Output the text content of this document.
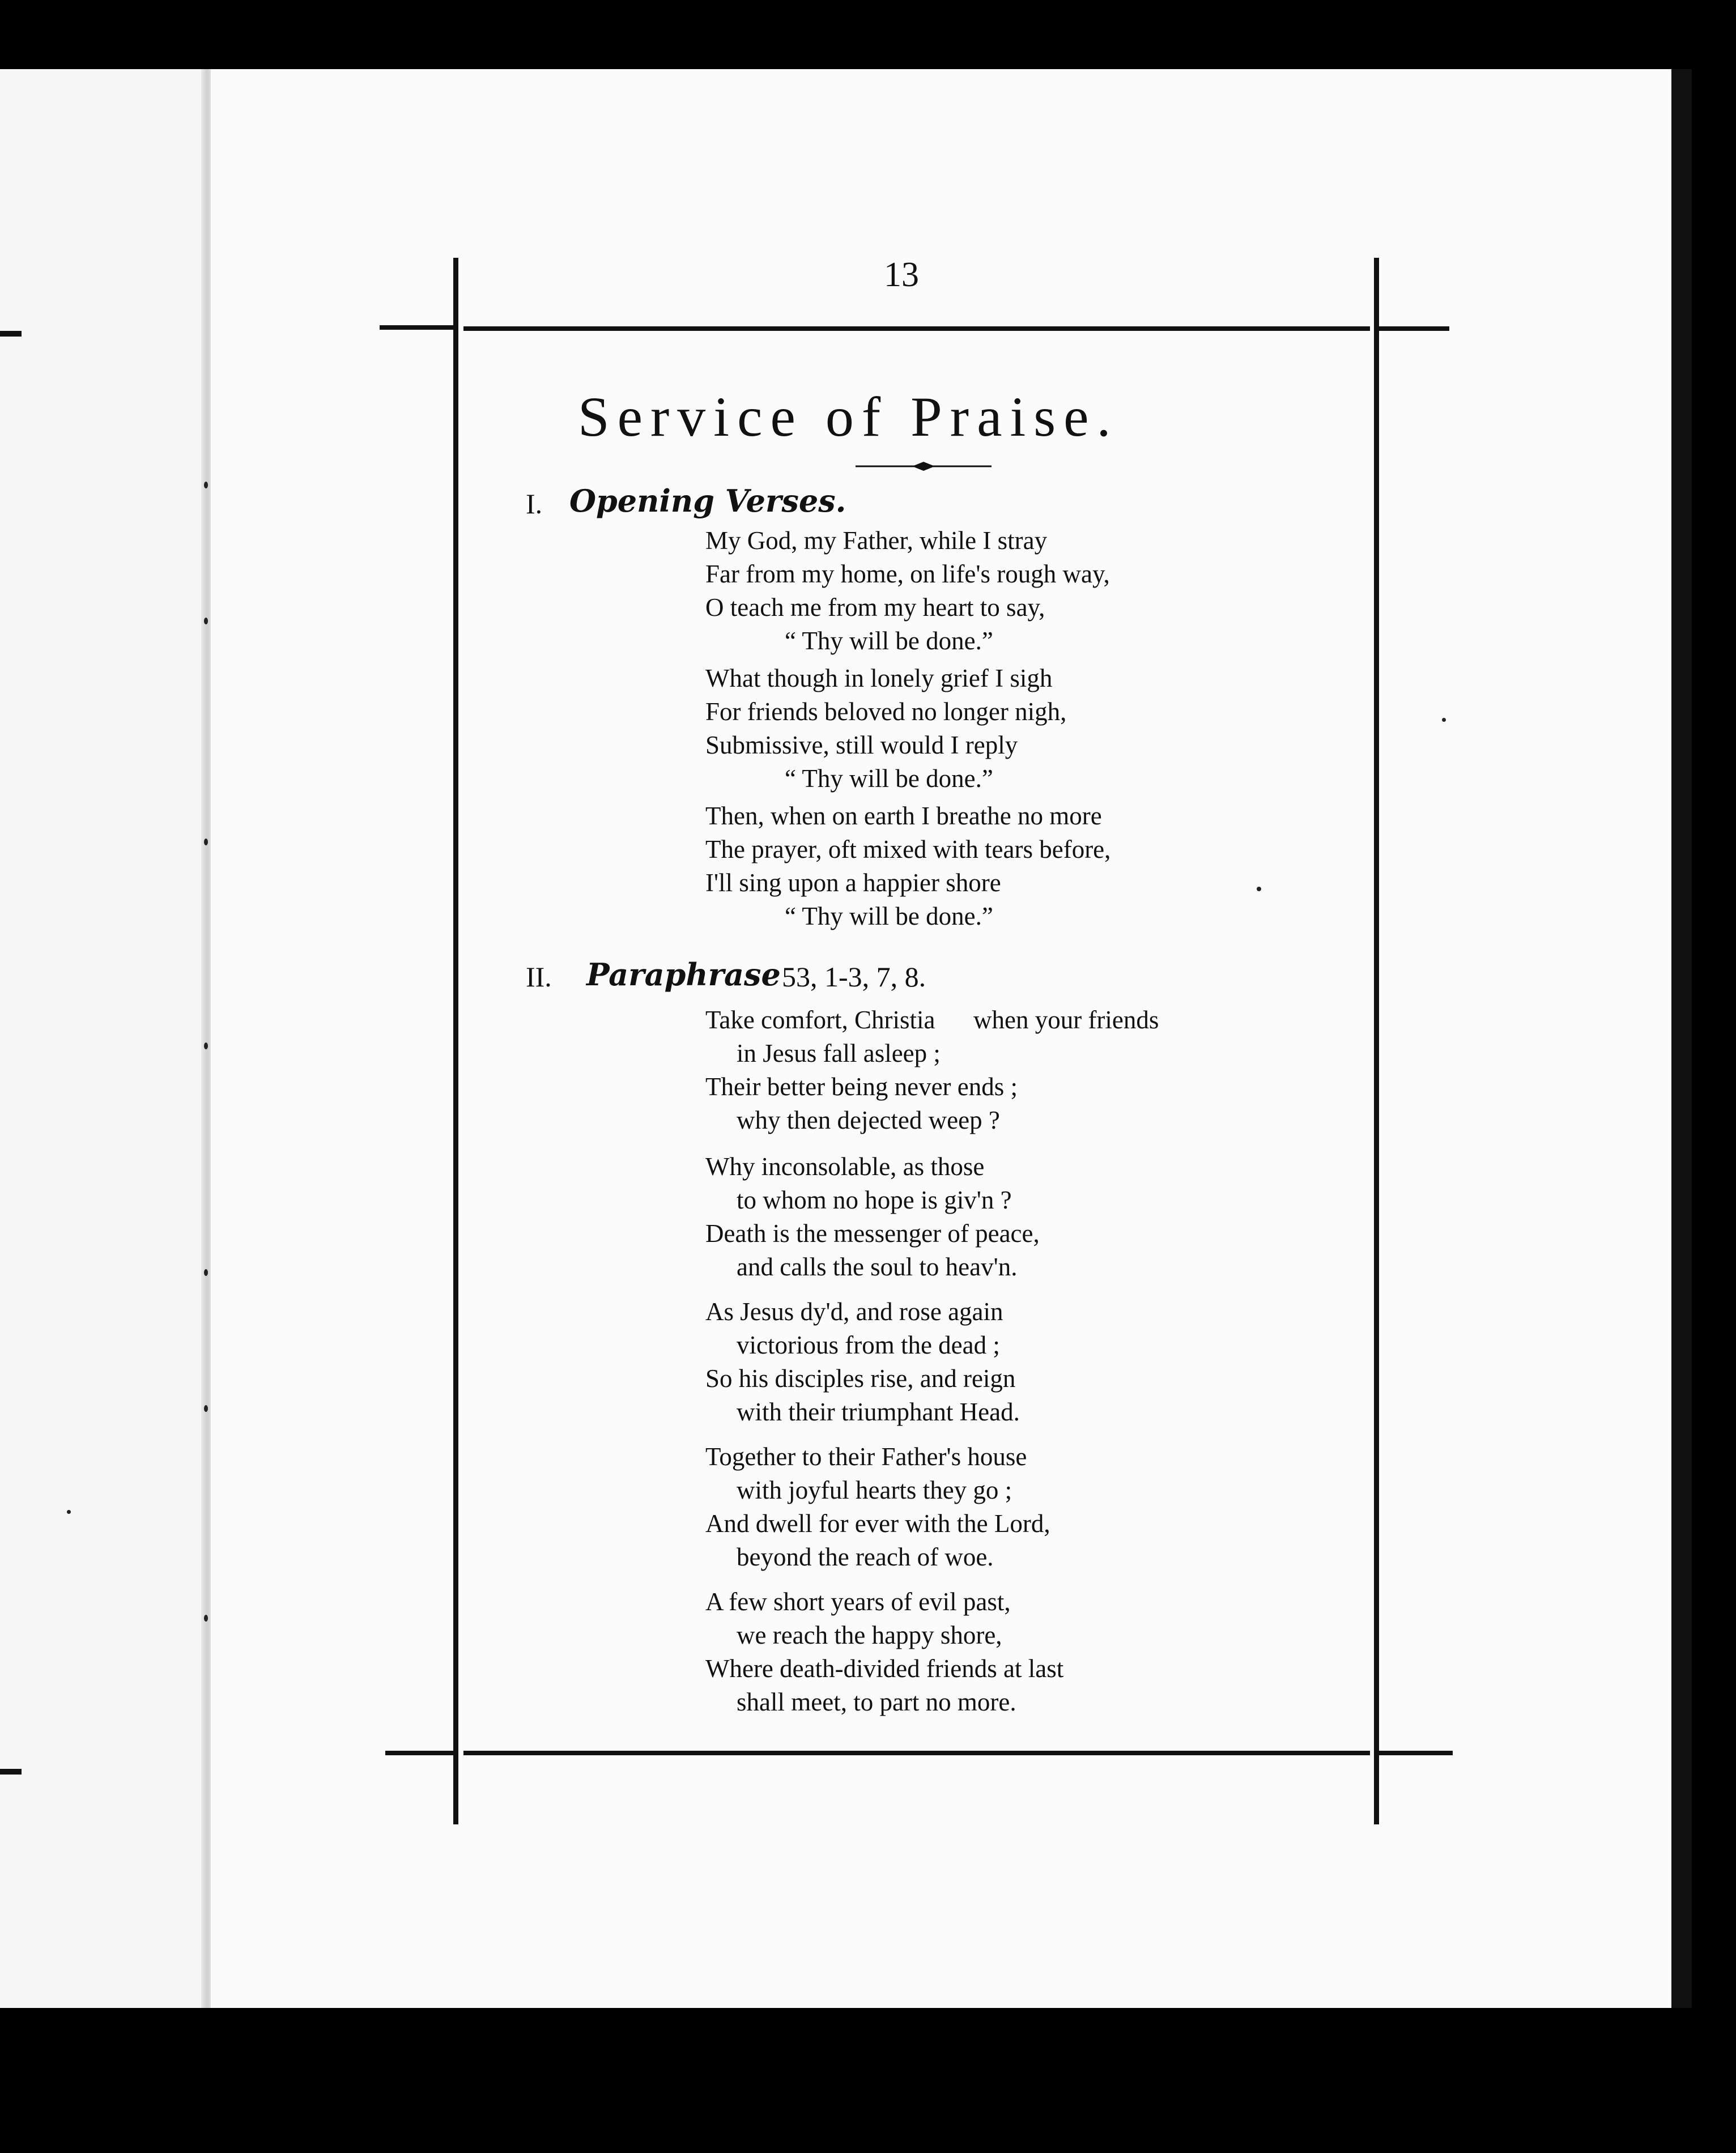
13
Service of Praise.
I. Opening Verses.
My God, my Father, while I stray
Far from my home, on life's rough way,
O teach me from my heart to say,
“ Thy will be done.”
What though in lonely grief I sigh
For friends beloved no longer nigh,
Submissive, still would I reply
“ Thy will be done.”
Then, when on earth I breathe no more
The prayer, oft mixed with tears before,
I'll sing upon a happier shore
“ Thy will be done.”
II. Paraphrase 53, 1-3, 7, 8.
Take comfort, Christia      when your friends
in Jesus fall asleep ;
Their better being never ends ;
why then dejected weep ?
Why inconsolable, as those
to whom no hope is giv'n ?
Death is the messenger of peace,
and calls the soul to heav'n.
As Jesus dy'd, and rose again
victorious from the dead ;
So his disciples rise, and reign
with their triumphant Head.
Together to their Father's house
with joyful hearts they go ;
And dwell for ever with the Lord,
beyond the reach of woe.
A few short years of evil past,
we reach the happy shore,
Where death-divided friends at last
shall meet, to part no more.
